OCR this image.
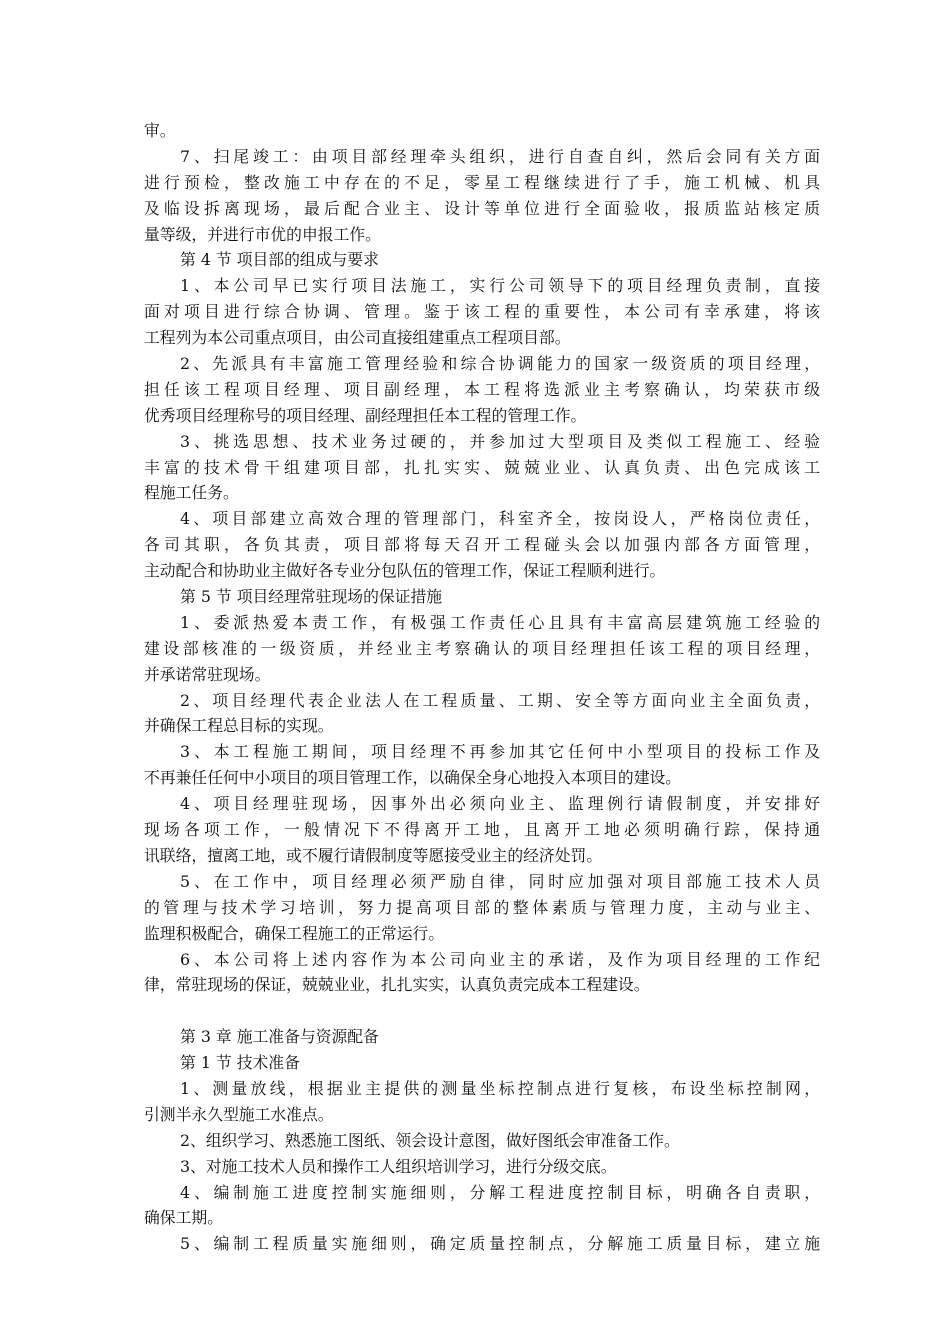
审。
7、扫尾竣工：由项目部经理牵头组织，进行自查自纠，然后会同有关方面
进行预检，整改施工中存在的不足，零星工程继续进行了手，施工机械、机具
及临设拆离现场，最后配合业主、设计等单位进行全面验收，报质监站核定质
量等级，并进行市优的申报工作。
第 4 节 项目部的组成与要求
1、本公司早已实行项目法施工，实行公司领导下的项目经理负责制，直接
面对项目进行综合协调、管理。鉴于该工程的重要性，本公司有幸承建，将该
工程列为本公司重点项目，由公司直接组建重点工程项目部。
2、先派具有丰富施工管理经验和综合协调能力的国家一级资质的项目经理，
担任该工程项目经理、项目副经理，本工程将选派业主考察确认，均荣获市级
优秀项目经理称号的项目经理、副经理担任本工程的管理工作。
3、挑选思想、技术业务过硬的，并参加过大型项目及类似工程施工、经验
丰富的技术骨干组建项目部，扎扎实实、兢兢业业、认真负责、出色完成该工
程施工任务。
4、项目部建立高效合理的管理部门，科室齐全，按岗设人，严格岗位责任，
各司其职，各负其责，项目部将每天召开工程碰头会以加强内部各方面管理，
主动配合和协助业主做好各专业分包队伍的管理工作，保证工程顺利进行。
第 5 节 项目经理常驻现场的保证措施
1、委派热爱本责工作，有极强工作责任心且具有丰富高层建筑施工经验的
建设部核准的一级资质，并经业主考察确认的项目经理担任该工程的项目经理，
并承诺常驻现场。
2、项目经理代表企业法人在工程质量、工期、安全等方面向业主全面负责，
并确保工程总目标的实现。
3、本工程施工期间，项目经理不再参加其它任何中小型项目的投标工作及
不再兼任任何中小项目的项目管理工作，以确保全身心地投入本项目的建设。
4、项目经理驻现场，因事外出必须向业主、监理例行请假制度，并安排好
现场各项工作，一般情况下不得离开工地，且离开工地必须明确行踪，保持通
讯联络，擅离工地，或不履行请假制度等愿接受业主的经济处罚。
5、在工作中，项目经理必须严励自律，同时应加强对项目部施工技术人员
的管理与技术学习培训，努力提高项目部的整体素质与管理力度，主动与业主、
监理积极配合，确保工程施工的正常运行。
6、本公司将上述内容作为本公司向业主的承诺，及作为项目经理的工作纪
律，常驻现场的保证，兢兢业业，扎扎实实，认真负责完成本工程建设。
第 3 章 施工准备与资源配备
第 1 节 技术准备
1、测量放线，根据业主提供的测量坐标控制点进行复核，布设坐标控制网，
引测半永久型施工水准点。
2、组织学习、熟悉施工图纸、领会设计意图，做好图纸会审准备工作。
3、对施工技术人员和操作工人组织培训学习，进行分级交底。
4、编制施工进度控制实施细则，分解工程进度控制目标，明确各自责职，
确保工期。
5、编制工程质量实施细则，确定质量控制点，分解施工质量目标，建立施
